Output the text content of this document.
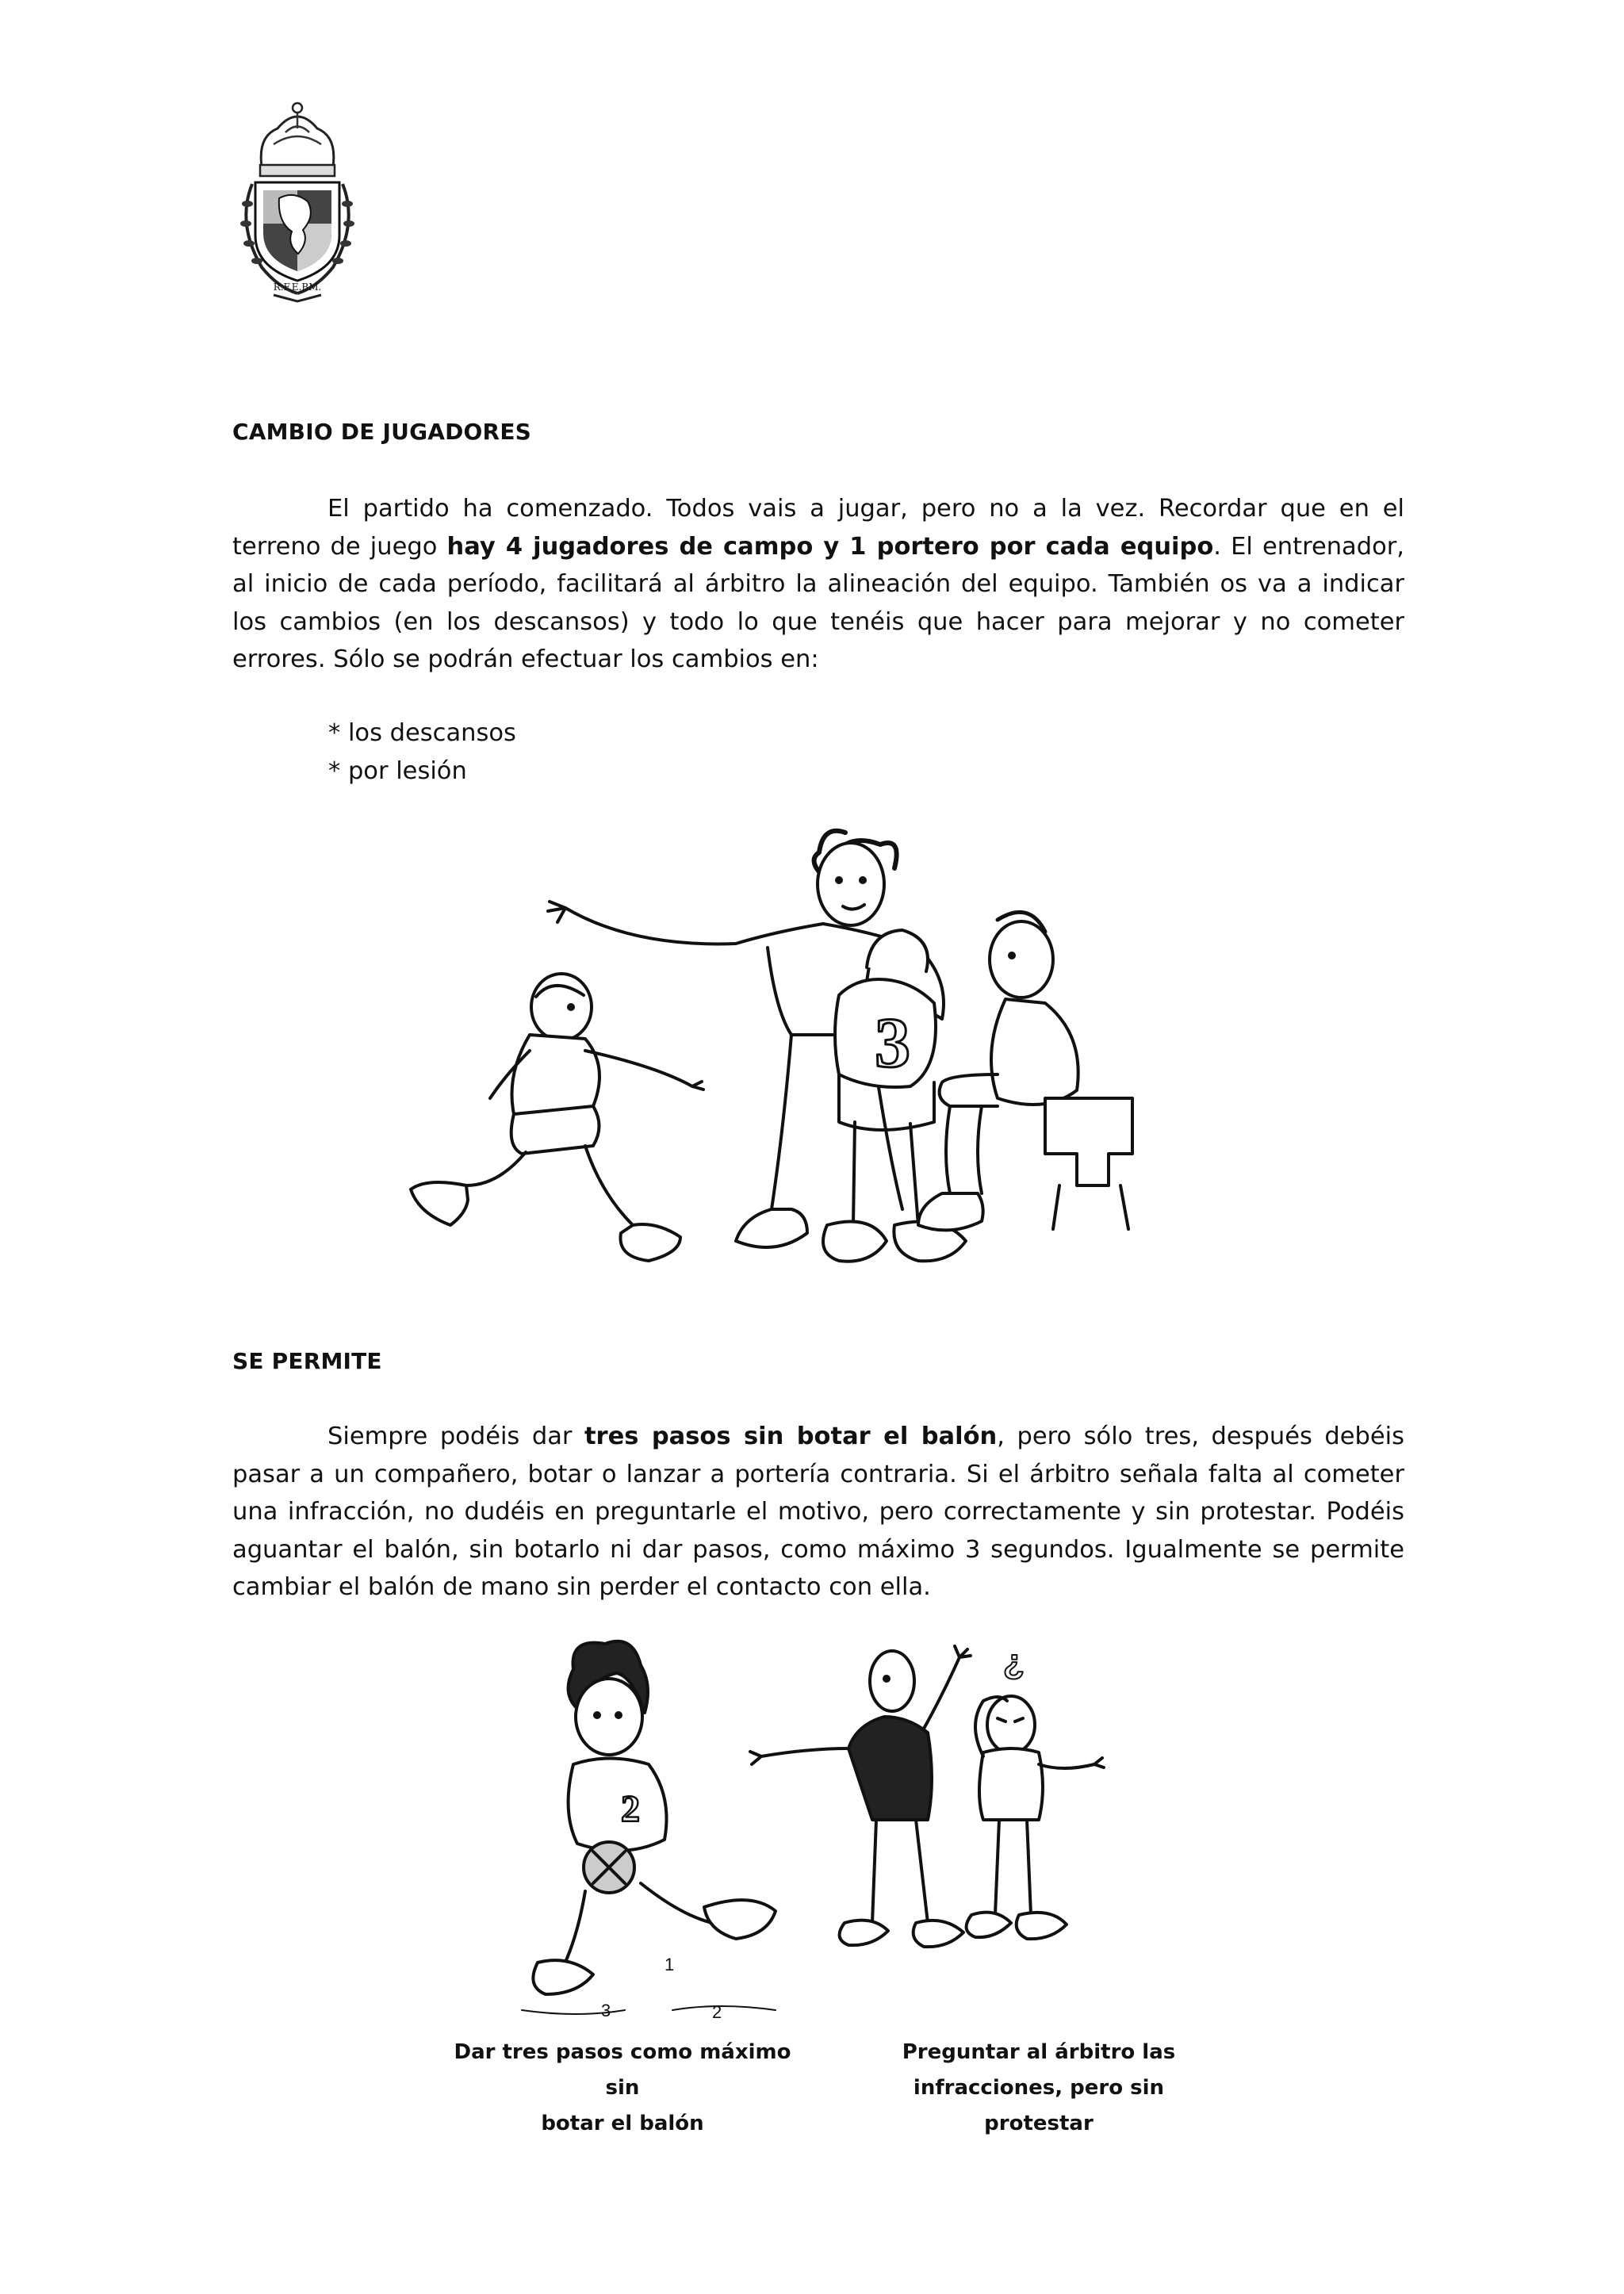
R.F.E.BM.
CAMBIO DE JUGADORES

El partido ha comenzado. Todos vais a jugar, pero no a la vez. Recordar que en el terreno de juego hay 4 jugadores de campo y 1 portero por cada equipo. El entrenador, al inicio de cada período, facilitará al árbitro la alineación del equipo. También os va a indicar los cambios (en los descansos) y todo lo que tenéis que hacer para mejorar y no cometer errores. Sólo se podrán efectuar los cambios en:

* los descansos
* por lesión
3
SE PERMITE

Siempre podéis dar tres pasos sin botar el balón, pero sólo tres, después debéis pasar a un compañero, botar o lanzar a portería contraria. Si el árbitro señala falta al cometer una infracción, no dudéis en preguntarle el motivo, pero correctamente y sin protestar. Podéis aguantar el balón, sin botarlo ni dar pasos, como máximo 3 segundos. Igualmente se permite cambiar el balón de mano sin perder el contacto con ella.

2
1
2
3
¿
Dar tres pasos como máximo sin
botar el balón
Preguntar al árbitro las
infracciones, pero sin protestar
